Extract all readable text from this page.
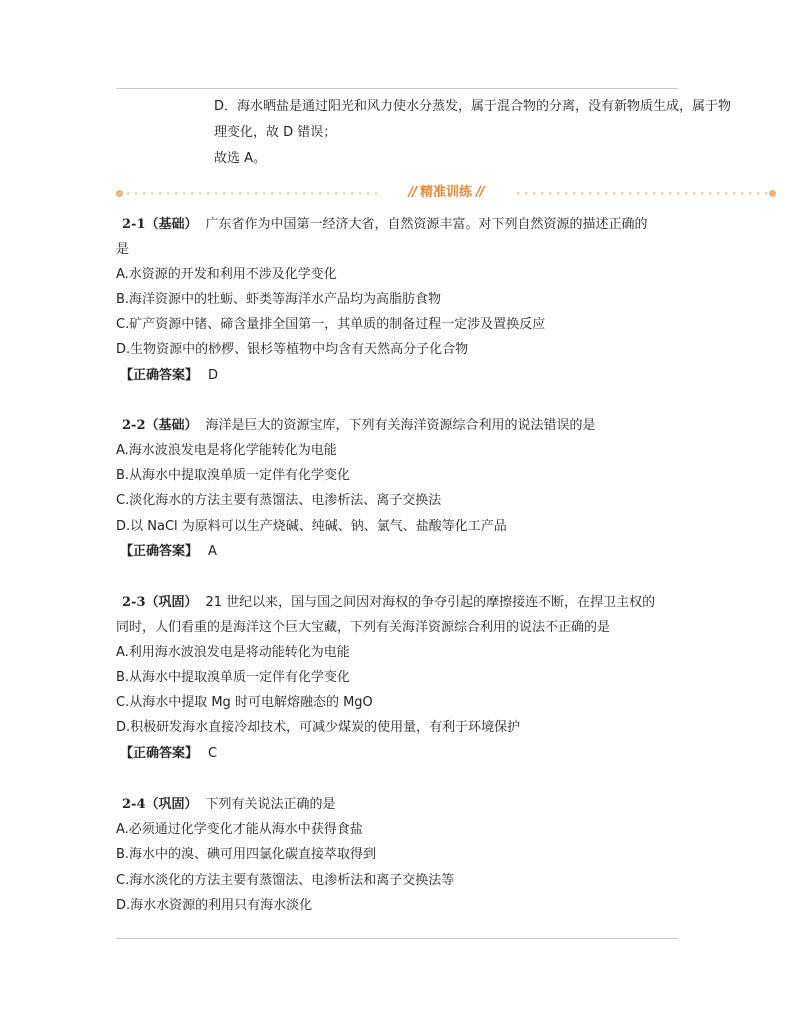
D．海水晒盐是通过阳光和风力使水分蒸发，属于混合物的分离，没有新物质生成，属于物
理变化，故 D 错误；
故选 A。
// 精准训练 //
2-1（基础） 广东省作为中国第一经济大省，自然资源丰富。对下列自然资源的描述正确的
是
A.水资源的开发和利用不涉及化学变化
B.海洋资源中的牡蛎、虾类等海洋水产品均为高脂肪食物
C.矿产资源中锗、碲含量排全国第一，其单质的制备过程一定涉及置换反应
D.生物资源中的桫椤、银杉等植物中均含有天然高分子化合物
【正确答案】 D
2-2（基础） 海洋是巨大的资源宝库，下列有关海洋资源综合利用的说法错误的是
A.海水波浪发电是将化学能转化为电能
B.从海水中提取溴单质一定伴有化学变化
C.淡化海水的方法主要有蒸馏法、电渗析法、离子交换法
D.以 NaCl 为原料可以生产烧碱、纯碱、钠、氯气、盐酸等化工产品
【正确答案】 A
2-3（巩固） 21 世纪以来，国与国之间因对海权的争夺引起的摩擦接连不断，在捍卫主权的
同时，人们看重的是海洋这个巨大宝藏，下列有关海洋资源综合利用的说法不正确的是
A.利用海水波浪发电是将动能转化为电能
B.从海水中提取溴单质一定伴有化学变化
C.从海水中提取 Mg 时可电解熔融态的 MgO
D.积极研发海水直接冷却技术，可减少煤炭的使用量，有利于环境保护
【正确答案】 C
2-4（巩固） 下列有关说法正确的是
A.必须通过化学变化才能从海水中获得食盐
B.海水中的溴、碘可用四氯化碳直接萃取得到
C.海水淡化的方法主要有蒸馏法、电渗析法和离子交换法等
D.海水水资源的利用只有海水淡化
